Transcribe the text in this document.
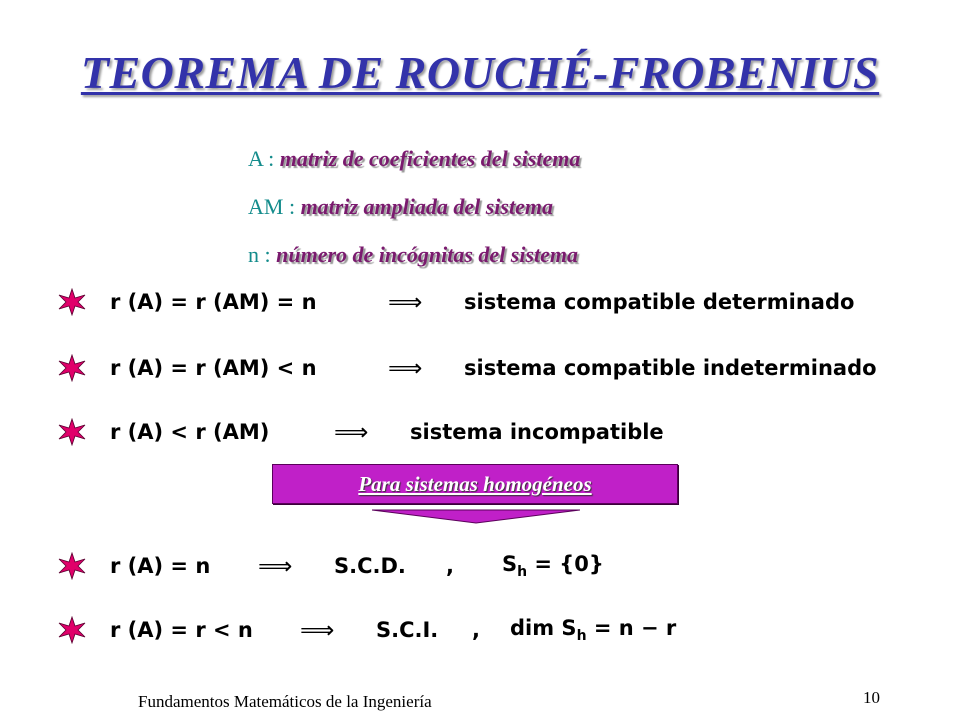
TEOREMA DE ROUCHÉ-FROBENIUS
A : matriz de coeficientes del sistema
AM : matriz ampliada del sistema
n : número de incógnitas del sistema
r (A) = r (AM) = n	⟹	sistema compatible determinado
r (A) = r (AM) < n	⟹	sistema compatible indeterminado
r (A) < r (AM)	⟹	sistema incompatible
Para sistemas homogéneos
r (A) = n	⟹	S.C.D.	,	$S_h = \{0\}$
r (A) = r < n	⟹	S.C.I.	,	dim $S_h = n - r$
Fundamentos Matemáticos de la Ingeniería	10
